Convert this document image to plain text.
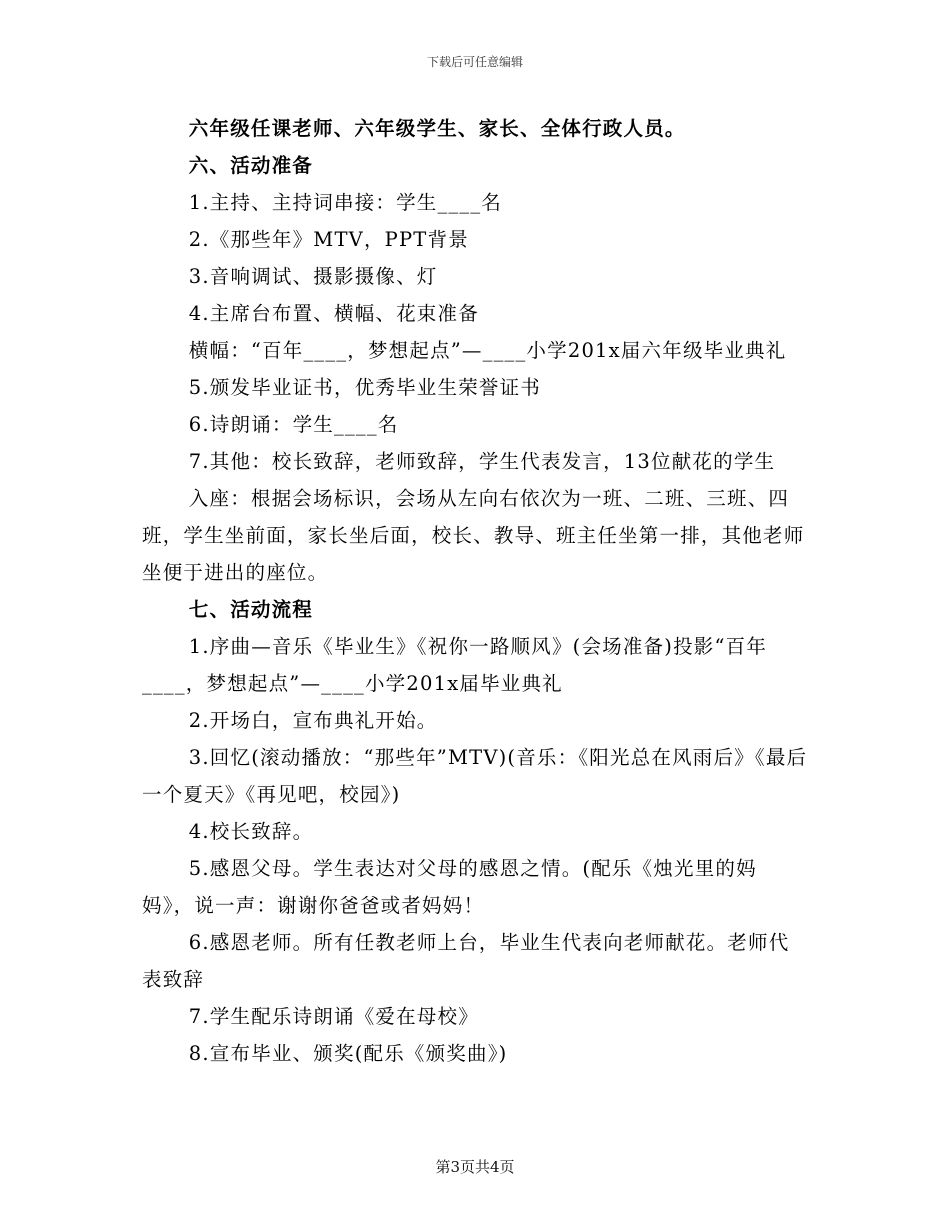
下载后可任意编辑

六年级任课老师、六年级学生、家长、全体行政人员。

六、活动准备

1.主持、主持词串接：学生____名

2.《那些年》MTV，PPT背景

3.音响调试、摄影摄像、灯

4.主席台布置、横幅、花束准备

横幅：“百年____，梦想起点”—____小学201x届六年级毕业典礼

5.颁发毕业证书，优秀毕业生荣誉证书

6.诗朗诵：学生____名

7.其他：校长致辞，老师致辞，学生代表发言，13位献花的学生

入座：根据会场标识，会场从左向右依次为一班、二班、三班、四班，学生坐前面，家长坐后面，校长、教导、班主任坐第一排，其他老师坐便于进出的座位。

七、活动流程

1.序曲—音乐《毕业生》《祝你一路顺风》(会场准备)投影“百年____，梦想起点”—____小学201x届毕业典礼

2.开场白，宣布典礼开始。

3.回忆(滚动播放：“那些年”MTV)(音乐：《阳光总在风雨后》《最后一个夏天》《再见吧，校园》)

4.校长致辞。

5.感恩父母。学生表达对父母的感恩之情。(配乐《烛光里的妈妈》，说一声：谢谢你爸爸或者妈妈！

6.感恩老师。所有任教老师上台，毕业生代表向老师献花。老师代表致辞

7.学生配乐诗朗诵《爱在母校》

8.宣布毕业、颁奖(配乐《颁奖曲》)

第3页共4页
